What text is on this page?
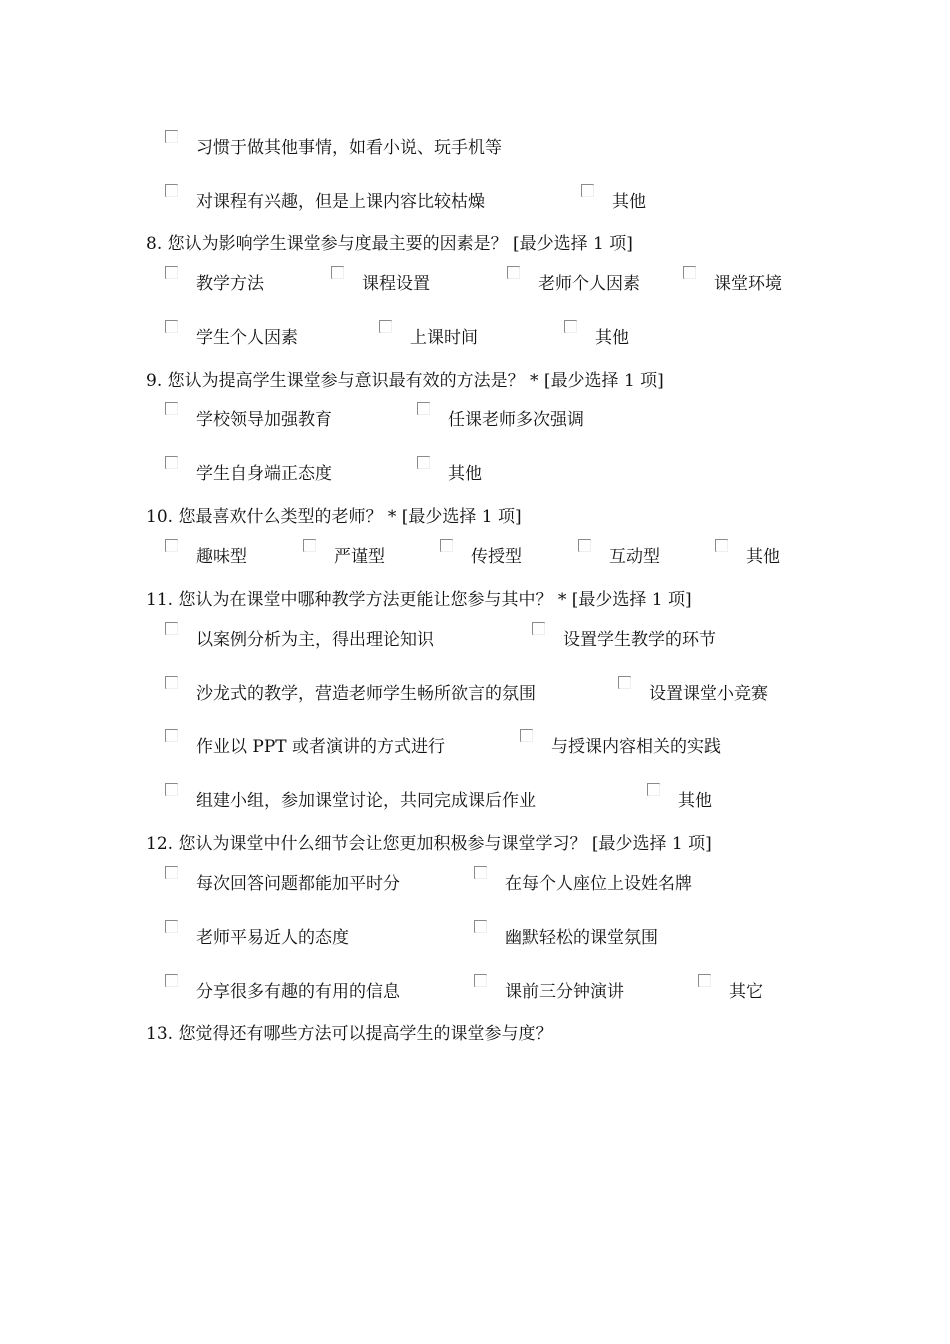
习惯于做其他事情，如看小说、玩手机等
对课程有兴趣，但是上课内容比较枯燥	其他
8. 您认为影响学生课堂参与度最主要的因素是？ [最少选择 1 项]
教学方法	课程设置	老师个人因素	课堂环境
学生个人因素	上课时间	其他
9. 您认为提高学生课堂参与意识最有效的方法是？ * [最少选择 1 项]
学校领导加强教育	任课老师多次强调
学生自身端正态度	其他
10. 您最喜欢什么类型的老师？ * [最少选择 1 项]
趣味型	严谨型	传授型	互动型	其他
11. 您认为在课堂中哪种教学方法更能让您参与其中？ * [最少选择 1 项]
以案例分析为主，得出理论知识	设置学生教学的环节
沙龙式的教学，营造老师学生畅所欲言的氛围	设置课堂小竞赛
作业以 PPT 或者演讲的方式进行	与授课内容相关的实践
组建小组，参加课堂讨论，共同完成课后作业	其他
12. 您认为课堂中什么细节会让您更加积极参与课堂学习？ [最少选择 1 项]
每次回答问题都能加平时分	在每个人座位上设姓名牌
老师平易近人的态度	幽默轻松的课堂氛围
分享很多有趣的有用的信息	课前三分钟演讲	其它
13. 您觉得还有哪些方法可以提高学生的课堂参与度？
